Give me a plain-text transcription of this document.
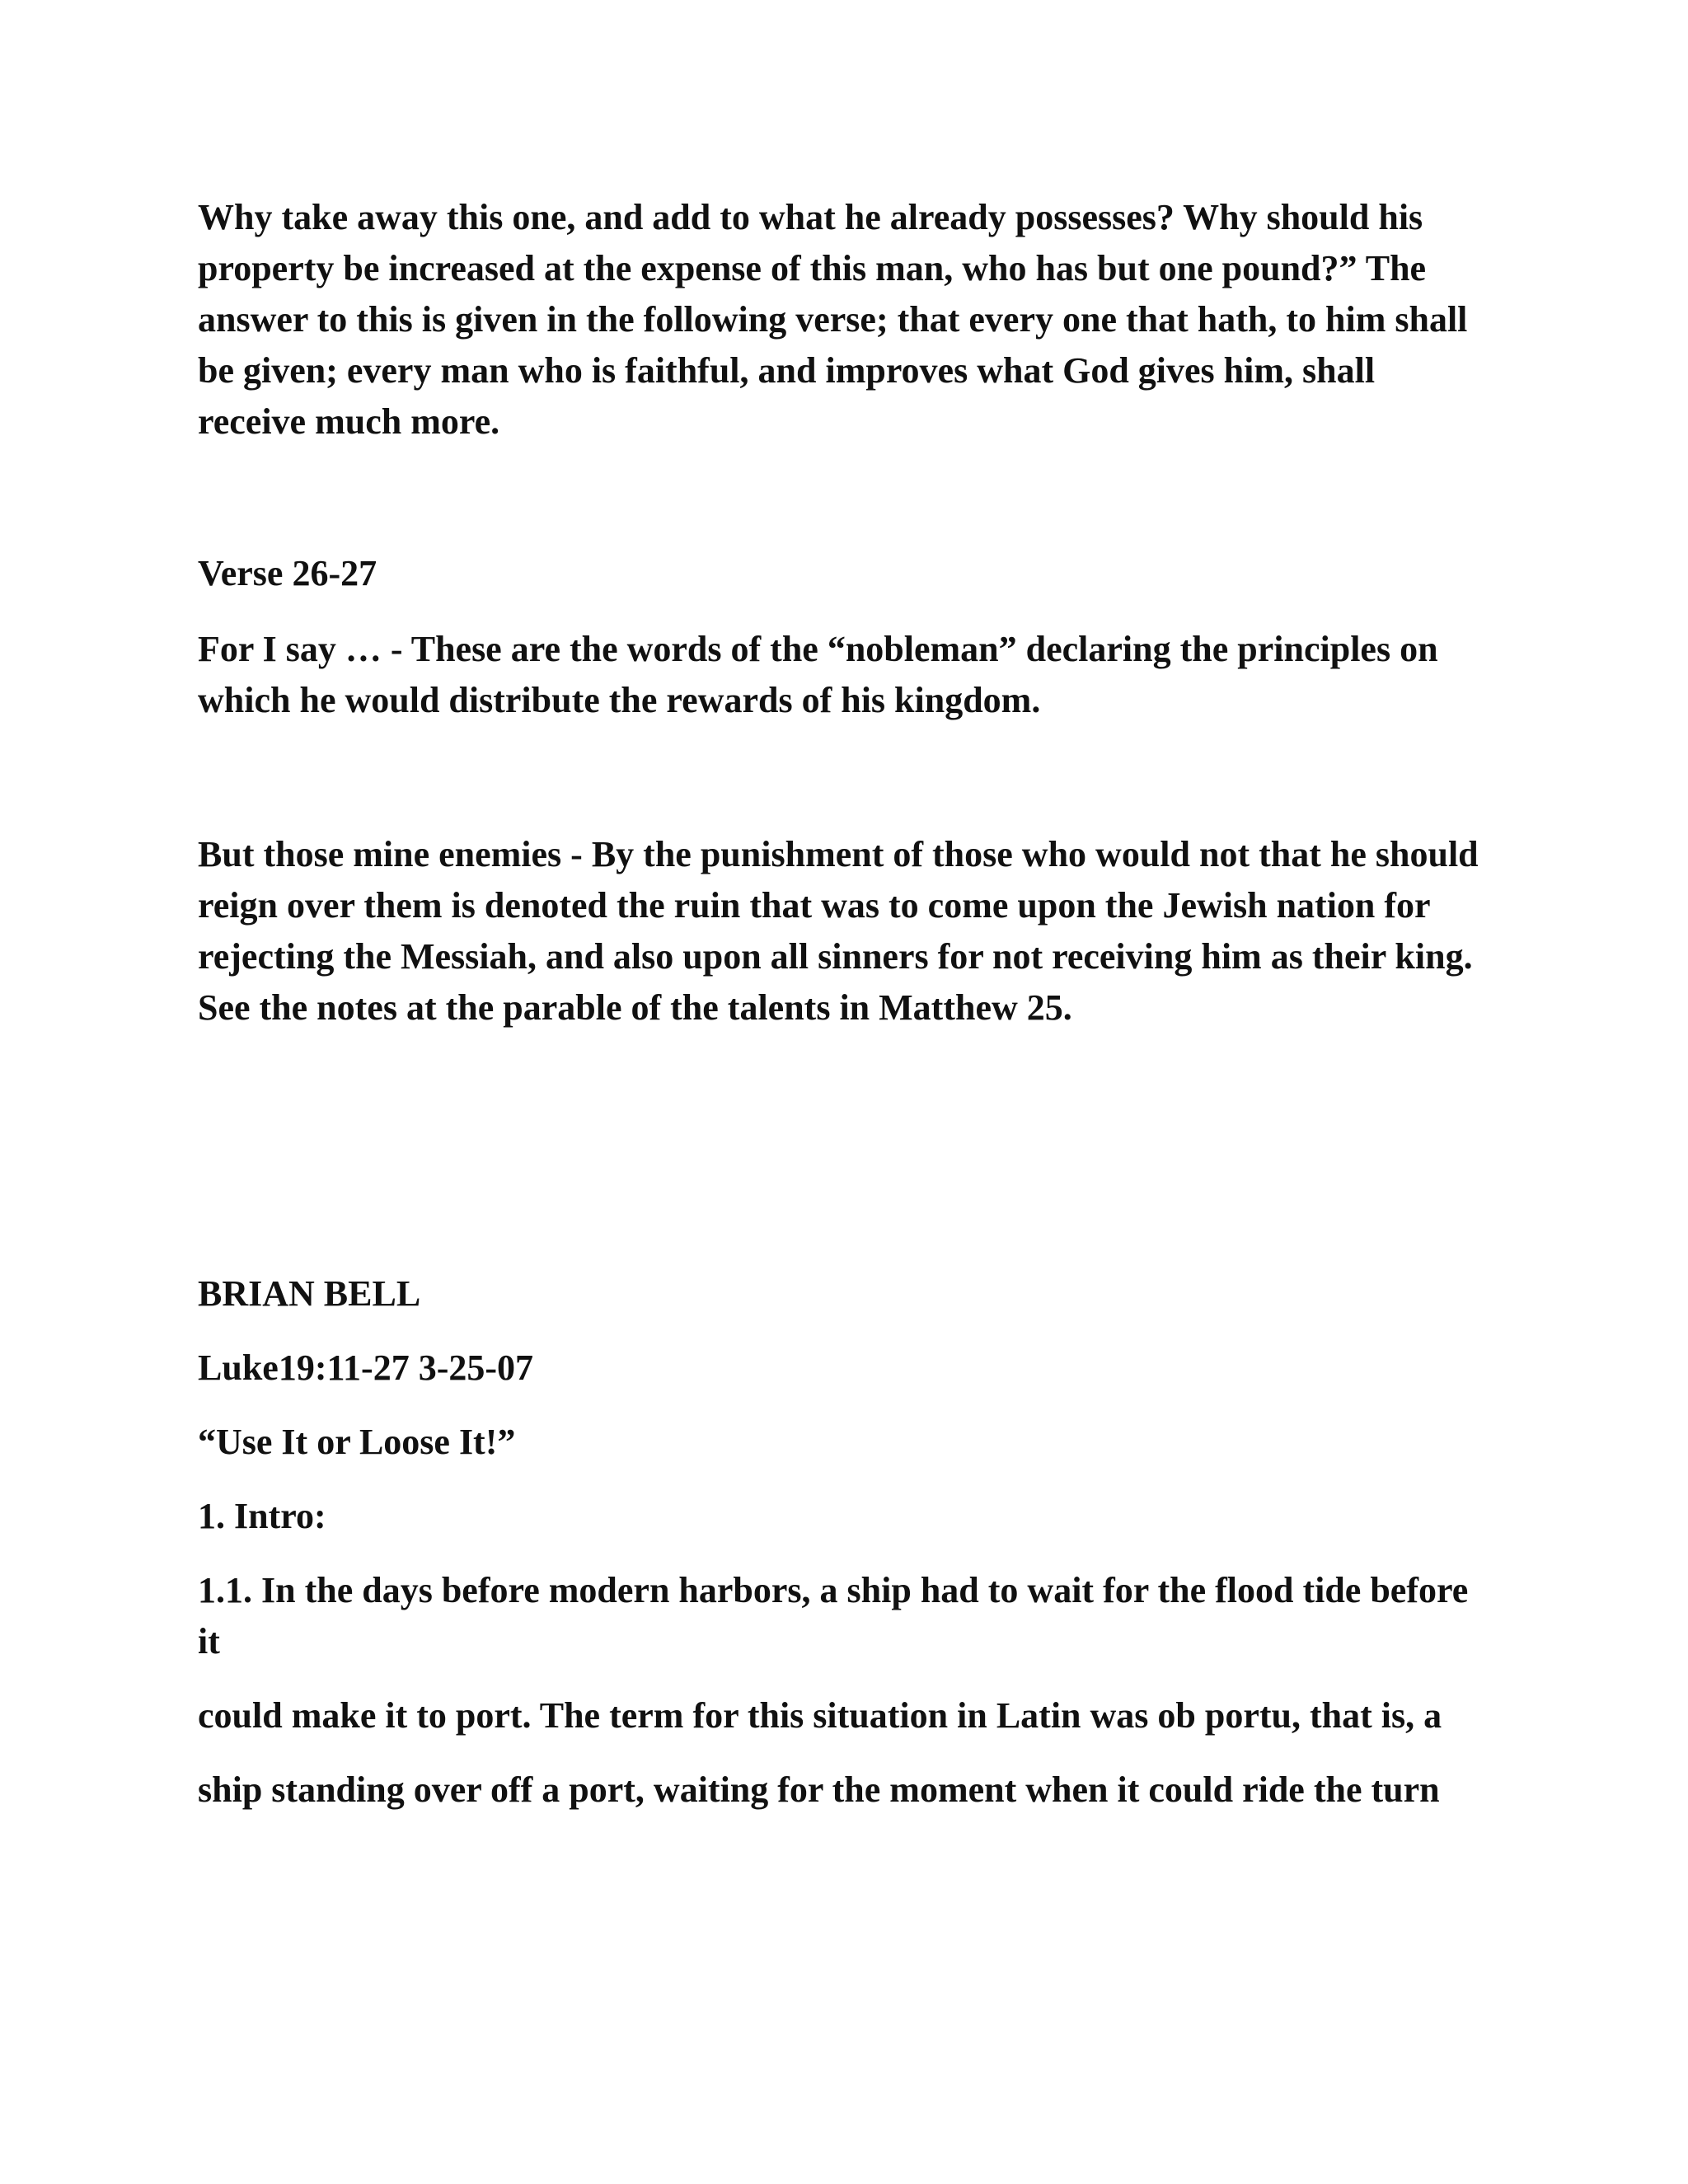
Why take away this one, and add to what he already possesses? Why should his property be increased at the expense of this man, who has but one pound?” The answer to this is given in the following verse; that every one that hath, to him shall be given; every man who is faithful, and improves what God gives him, shall receive much more.

Verse 26-27

For I say … - These are the words of the “nobleman” declaring the principles on which he would distribute the rewards of his kingdom.

But those mine enemies - By the punishment of those who would not that he should reign over them is denoted the ruin that was to come upon the Jewish nation for rejecting the Messiah, and also upon all sinners for not receiving him as their king. See the notes at the parable of the talents in Matthew 25.

BRIAN BELL

Luke19:11-27 3-25-07

“Use It or Loose It!”

1. Intro:

1.1. In the days before modern harbors, a ship had to wait for the flood tide before it

could make it to port. The term for this situation in Latin was ob portu, that is, a

ship standing over off a port, waiting for the moment when it could ride the turn
